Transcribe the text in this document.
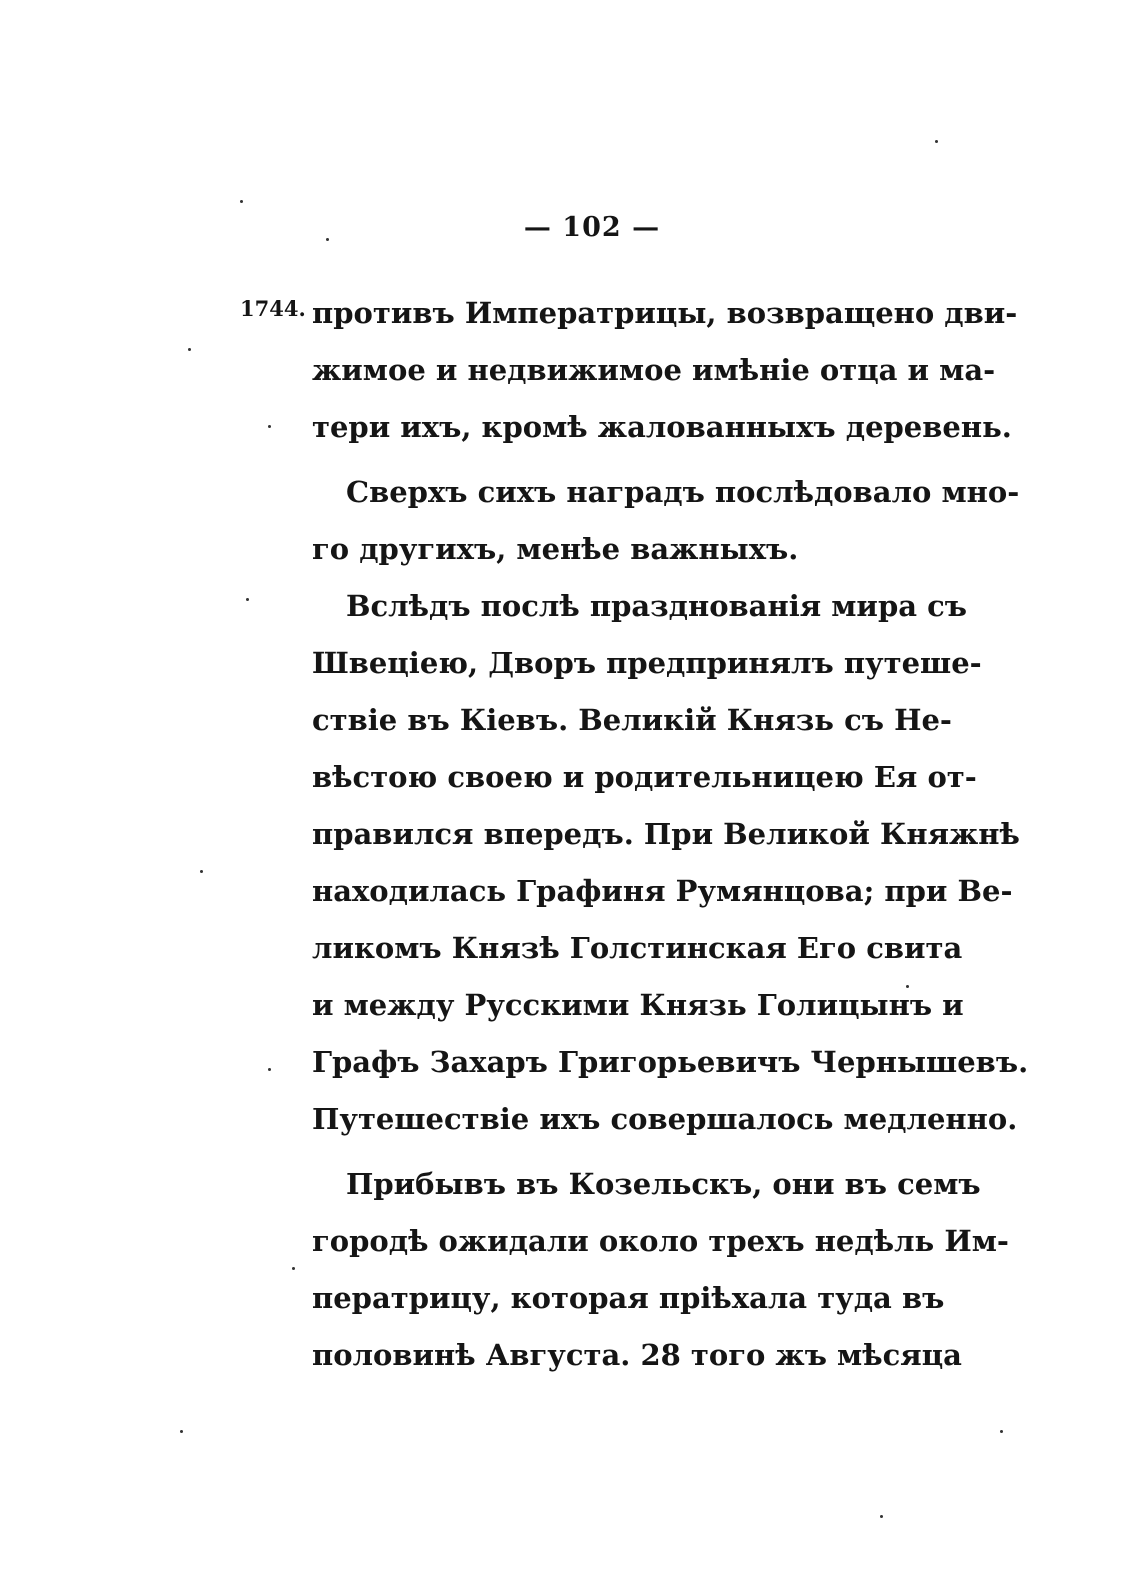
— 102 —
1744. противъ Императрицы, возвращено дви-
жимое и недвижимое имѣніе отца и ма-
тери ихъ, кромѣ жалованныхъ деревень.
Сверхъ сихъ наградъ послѣдовало мно-
го другихъ, менѣе важныхъ.
Вслѣдъ послѣ празднованія мира съ
Швеціею, Дворъ предпринялъ путеше-
ствіе въ Кіевъ. Великій Князь съ Не-
вѣстою своею и родительницею Ея от-
правился впередъ. При Великой Княжнѣ
находилась Графиня Румянцова; при Ве-
ликомъ Князѣ Голстинская Его свита
и между Русскими Князь Голицынъ и
Графъ Захаръ Григорьевичъ Чернышевъ.
Путешествіе ихъ совершалось медленно.
Прибывъ въ Козельскъ, они въ семъ
городѣ ожидали около трехъ недѣль Им-
ператрицу, которая пріѣхала туда въ
половинѣ Августа. 28 того жъ мѣсяца
